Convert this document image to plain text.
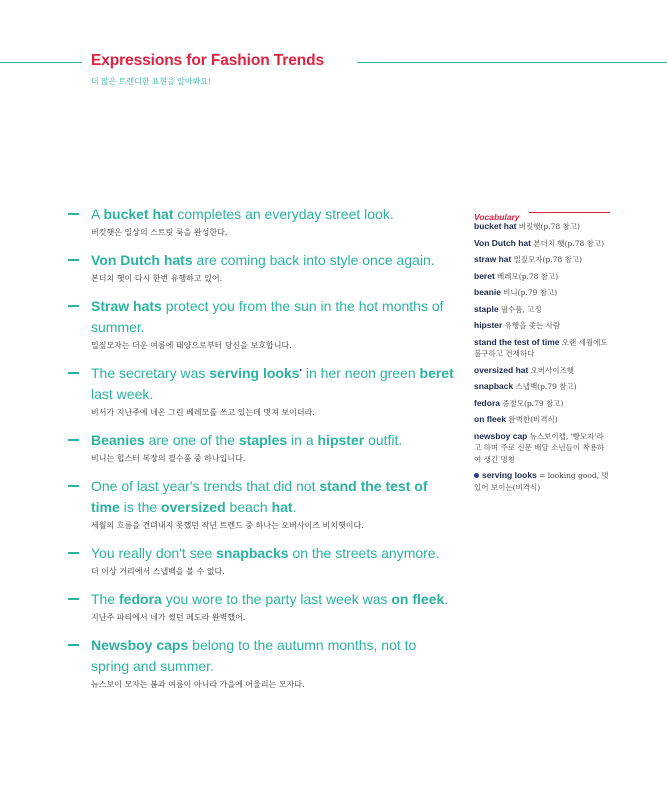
Expressions for Fashion Trends
더 많은 트렌디한 표현을 알아봐요!
A bucket hat completes an everyday street look.
버킷햇은 일상의 스트릿 룩을 완성한다.
Von Dutch hats are coming back into style once again.
본더치 햇이 다시 한번 유행하고 있어.
Straw hats protect you from the sun in the hot months of summer.
밀짚모자는 더운 여름에 태양으로부터 당신을 보호합니다.
The secretary was serving looks• in her neon green beret last week.
비서가 지난주에 네온 그린 베레모를 쓰고 있는데 멋져 보이더라.
Beanies are one of the staples in a hipster outfit.
비니는 힙스터 복장의 필수품 중 하나입니다.
One of last year's trends that did not stand the test of time is the oversized beach hat.
세월의 흐름을 견뎌내지 못했던 작년 트렌드 중 하나는 오버사이즈 비치햇이다.
You really don't see snapbacks on the streets anymore.
더 이상 거리에서 스냅백을 볼 수 없다.
The fedora you wore to the party last week was on fleek.
지난주 파티에서 네가 썼던 페도라 완벽했어.
Newsboy caps belong to the autumn months, not to spring and summer.
뉴스보이 모자는 봄과 여름이 아니라 가을에 어울리는 모자다.
Vocabulary
bucket hat 버킷햇(p.78 참고)
Von Dutch hat 본더치 햇(p.78 참고)
straw hat 밀짚모자(p.78 참고)
beret 베레모(p.78 참고)
beanie 비니(p.79 참고)
staple 필수품, 고정
hipster 유행을 좇는 사람
stand the test of time 오랜 세월에도 불구하고 건재하다
oversized hat 오버사이즈햇
snapback 스냅백(p.79 참고)
fedora 중절모(p.79 참고)
on fleek 완벽한(비격식)
newsboy cap 뉴스보이캡, '빵모자'라고 하며 주로 신문 배달 소년들이 착용하여 생긴 명칭
serving looks = looking good, 멋있어 보이는(비격식)
